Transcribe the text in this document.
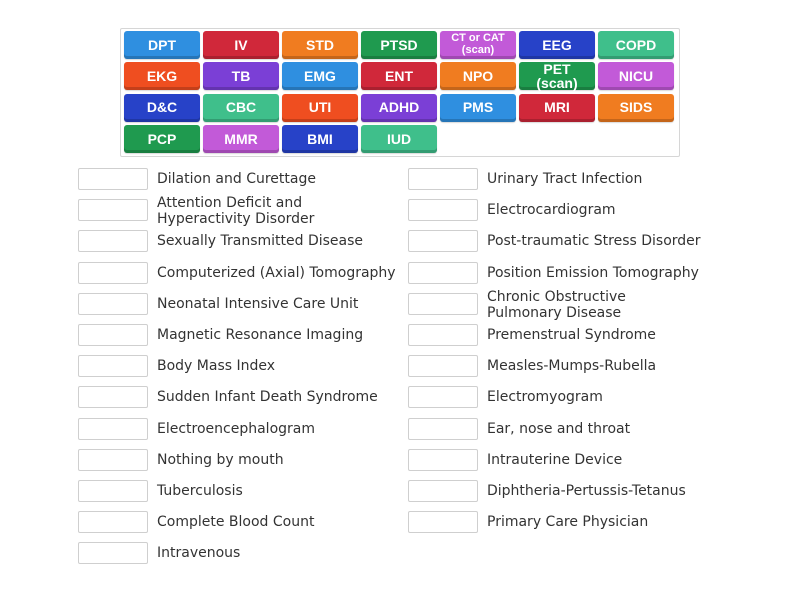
DPT	IV	STD	PTSD	CT or CAT (scan)	EEG	COPD
EKG	TB	EMG	ENT	NPO	PET (scan)	NICU
D&C	CBC	UTI	ADHD	PMS	MRI	SIDS
PCP	MMR	BMI	IUD
Dilation and Curettage
Attention Deficit and Hyperactivity Disorder
Sexually Transmitted Disease
Computerized (Axial) Tomography
Neonatal Intensive Care Unit
Magnetic Resonance Imaging
Body Mass Index
Sudden Infant Death Syndrome
Electroencephalogram
Nothing by mouth
Tuberculosis
Complete Blood Count
Intravenous
Urinary Tract Infection
Electrocardiogram
Post-traumatic Stress Disorder
Position Emission Tomography
Chronic Obstructive Pulmonary Disease
Premenstrual Syndrome
Measles-Mumps-Rubella
Electromyogram
Ear, nose and throat
Intrauterine Device
Diphtheria-Pertussis-Tetanus
Primary Care Physician
